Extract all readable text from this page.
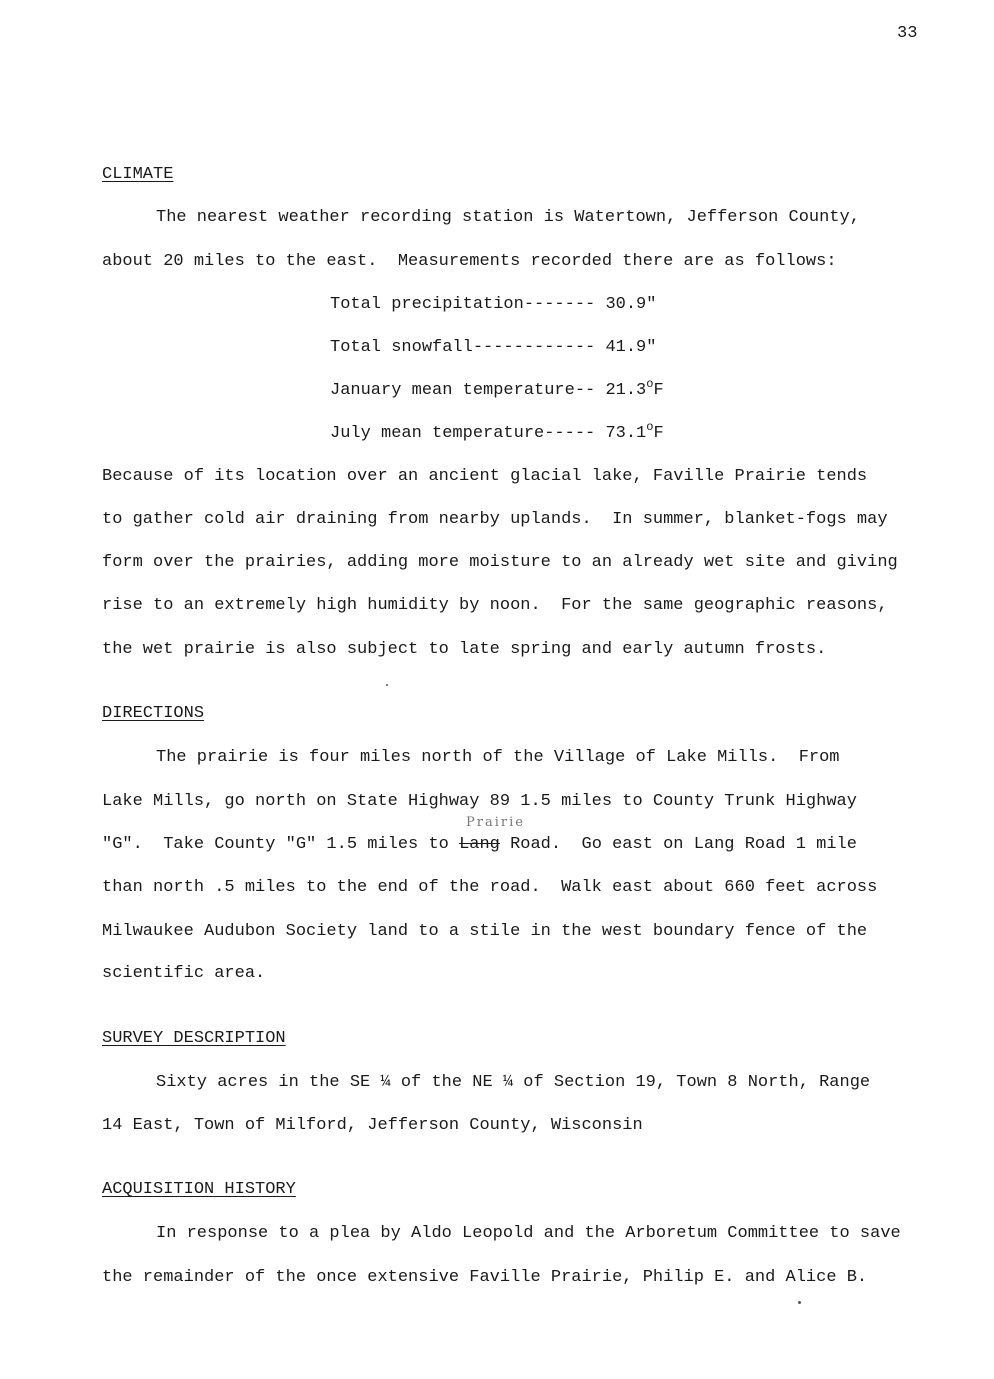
33
CLIMATE
The nearest weather recording station is Watertown, Jefferson County,
about 20 miles to the east.  Measurements recorded there are as follows:
Total precipitation------- 30.9"
Total snowfall------------ 41.9"
January mean temperature-- 21.3$^o$F
July mean temperature----- 73.1$^o$F
Because of its location over an ancient glacial lake, Faville Prairie tends
to gather cold air draining from nearby uplands.  In summer, blanket-fogs may
form over the prairies, adding more moisture to an already wet site and giving
rise to an extremely high humidity by noon.  For the same geographic reasons,
the wet prairie is also subject to late spring and early autumn frosts.
DIRECTIONS
The prairie is four miles north of the Village of Lake Mills.  From
Lake Mills, go north on State Highway 89 1.5 miles to County Trunk Highway
Prairie
"G".  Take County "G" 1.5 miles to Lang Road.  Go east on Lang Road 1 mile
than north .5 miles to the end of the road.  Walk east about 660 feet across
Milwaukee Audubon Society land to a stile in the west boundary fence of the
scientific area.
SURVEY DESCRIPTION
Sixty acres in the SE ¼ of the NE ¼ of Section 19, Town 8 North, Range
14 East, Town of Milford, Jefferson County, Wisconsin
ACQUISITION HISTORY
In response to a plea by Aldo Leopold and the Arboretum Committee to save
the remainder of the once extensive Faville Prairie, Philip E. and Alice B.
